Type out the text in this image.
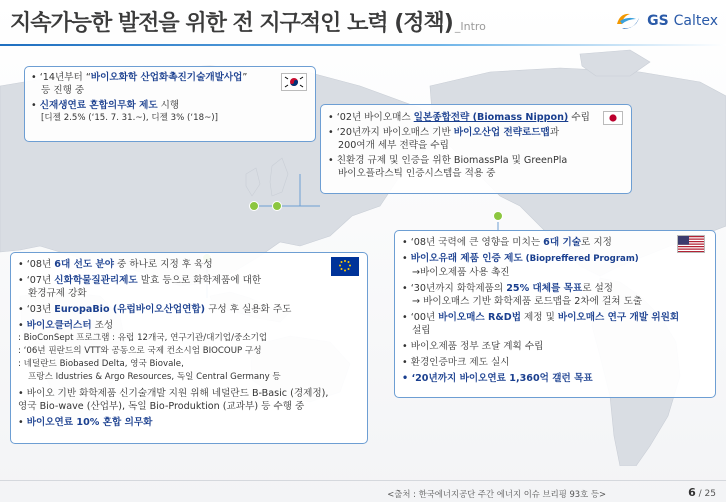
지속가능한 발전을 위한 전 지구적인 노력 (정책) _Intro	GS Caltex
• ‘14년부터 “바이오화학 산업화촉진기술개발사업”
등 진행 중
• 신재생연료 혼합의무화 제도 시행
[디젤 2.5% (‘15. 7. 31.~), 디젤 3% (‘18~)]	• ‘02년 바이오매스 일본종합전략 (Biomass Nippon) 수립
• ‘20년까지 바이오매스 기반 바이오산업 전략로드맵과
200여개 세부 전략을 수립
• 친환경 규제 및 인증을 위한 BiomassPla 및 GreenPla
바이오플라스틱 인증시스템을 적용 중
• ‘08년 국력에 큰 영향을 미치는 6대 기술로 지정
• 바이오유래 제품 인증 제도 (Biopreffered Program)
→바이오제품 사용 촉진
• ‘30년까지 화학제품의 25% 대체를 목표로 설정
→ 바이오매스 기반 화학제품 로드맵을 2차에 걸쳐 도출
• ‘00년 바이오매스 R&D법 제정 및 바이오매스 연구 개발 위원회
설립
• 바이오제품 정부 조달 계획 수립
• 환경인증마크 제도 실시
• ‘20년까지 바이오연료 1,360억 갤런 목표
• ‘08년 6대 선도 분야 중 하나로 지정 후 육성
• ‘07년 신화학물질관리제도 발효 등으로 화학제품에 대한
환경규제 강화
• ‘03년 EuropaBio (유럽바이오산업연합) 구성 후 실용화 주도
• 바이오클러스터 조성
: BioConSept 프로그램 : 유럽 12개국, 연구기관/대기업/중소기업
: ‘06년 핀란드의 VTT와 공동으로 국제 컨소시엄 BIOCOUP 구성
: 네덜란드 Biobased Delta, 영국 Biovale,
프랑스 Idustries & Argo Resources, 독일 Central Germany 등
• 바이오 기반 화학제품 신기술개발 지원 위해 네덜란드 B-Basic (경제정),
영국 Bio-wave (산업부), 독일 Bio-Produktion (교과부) 등 수행 중
• 바이오연료 10% 혼합 의무화
<출처 : 한국에너지공단 주간 에너지 이슈 브리핑 93호 등>	6 / 25
